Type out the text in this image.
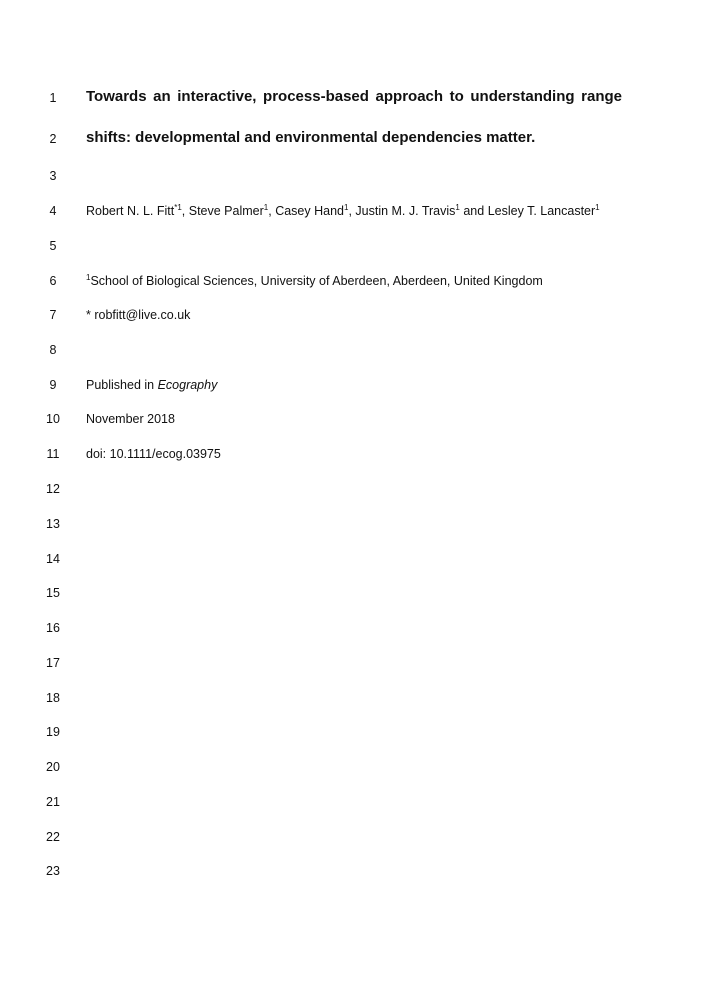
1
2
3
4
5
6
7
8
9
10
11
12
13
14
15
16
17
18
19
20
21
22
23
Towards an interactive, process-based approach to understanding range
shifts: developmental and environmental dependencies matter.
Robert N. L. Fitt$^{*1}$, Steve Palmer$^1$, Casey Hand$^1$, Justin M. J. Travis$^1$ and Lesley T. Lancaster$^1$
$^1$School of Biological Sciences, University of Aberdeen, Aberdeen, United Kingdom
* robfitt@live.co.uk
Published in Ecography
November 2018
doi: 10.1111/ecog.03975
